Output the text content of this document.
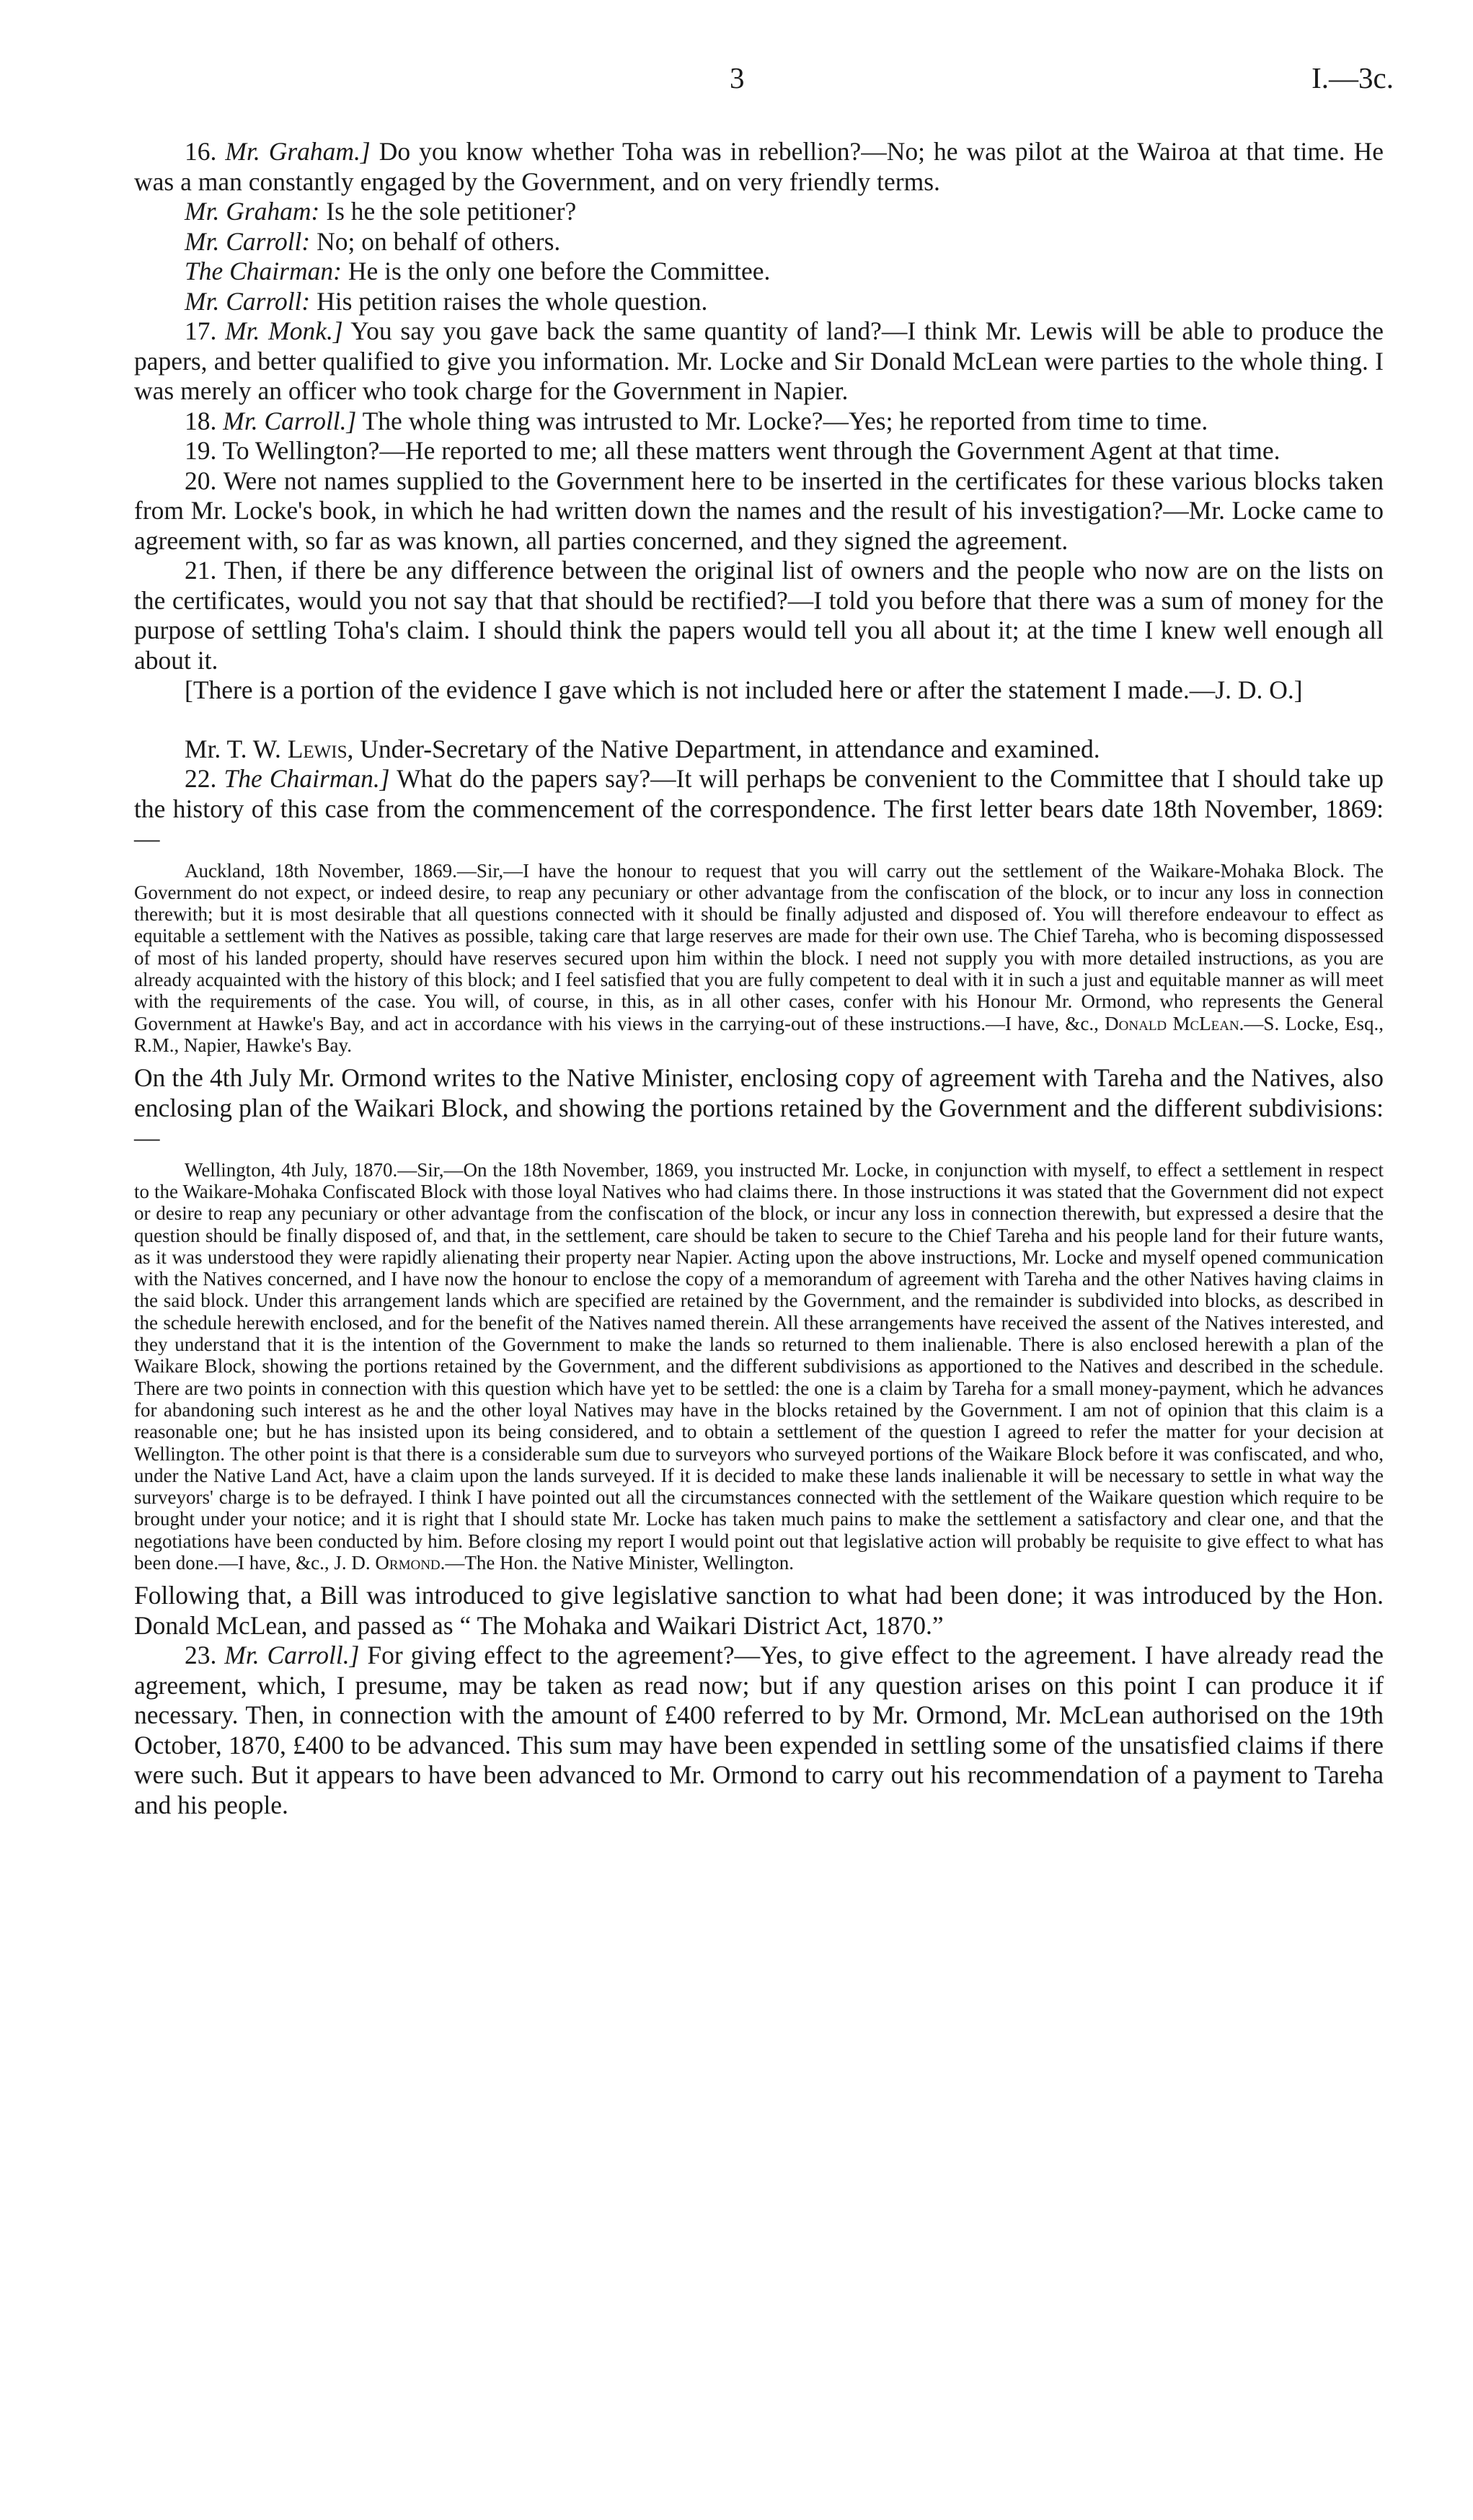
3	I.—3c.

16. Mr. Graham.] Do you know whether Toha was in rebellion?—No; he was pilot at the Wairoa at that time. He was a man constantly engaged by the Government, and on very friendly terms.

Mr. Graham: Is he the sole petitioner?

Mr. Carroll: No; on behalf of others.

The Chairman: He is the only one before the Committee.

Mr. Carroll: His petition raises the whole question.

17. Mr. Monk.] You say you gave back the same quantity of land?—I think Mr. Lewis will be able to produce the papers, and better qualified to give you information. Mr. Locke and Sir Donald McLean were parties to the whole thing. I was merely an officer who took charge for the Government in Napier.

18. Mr. Carroll.] The whole thing was intrusted to Mr. Locke?—Yes; he reported from time to time.

19. To Wellington?—He reported to me; all these matters went through the Government Agent at that time.

20. Were not names supplied to the Government here to be inserted in the certificates for these various blocks taken from Mr. Locke's book, in which he had written down the names and the result of his investigation?—Mr. Locke came to agreement with, so far as was known, all parties concerned, and they signed the agreement.

21. Then, if there be any difference between the original list of owners and the people who now are on the lists on the certificates, would you not say that that should be rectified?—I told you before that there was a sum of money for the purpose of settling Toha's claim. I should think the papers would tell you all about it; at the time I knew well enough all about it.

[There is a portion of the evidence I gave which is not included here or after the statement I made.—J. D. O.]

Mr. T. W. Lewis, Under-Secretary of the Native Department, in attendance and examined.

22. The Chairman.] What do the papers say?—It will perhaps be convenient to the Committee that I should take up the history of this case from the commencement of the correspondence. The first letter bears date 18th November, 1869:—

Auckland, 18th November, 1869.—Sir,—I have the honour to request that you will carry out the settlement of the Waikare-Mohaka Block. The Government do not expect, or indeed desire, to reap any pecuniary or other advantage from the confiscation of the block, or to incur any loss in connection therewith; but it is most desirable that all questions connected with it should be finally adjusted and disposed of. You will therefore endeavour to effect as equitable a settlement with the Natives as possible, taking care that large reserves are made for their own use. The Chief Tareha, who is becoming dispossessed of most of his landed property, should have reserves secured upon him within the block. I need not supply you with more detailed instructions, as you are already acquainted with the history of this block; and I feel satisfied that you are fully competent to deal with it in such a just and equitable manner as will meet with the requirements of the case. You will, of course, in this, as in all other cases, confer with his Honour Mr. Ormond, who represents the General Government at Hawke's Bay, and act in accordance with his views in the carrying-out of these instructions.—I have, &c., Donald McLean.—S. Locke, Esq., R.M., Napier, Hawke's Bay.

On the 4th July Mr. Ormond writes to the Native Minister, enclosing copy of agreement with Tareha and the Natives, also enclosing plan of the Waikari Block, and showing the portions retained by the Government and the different subdivisions:—

Wellington, 4th July, 1870.—Sir,—On the 18th November, 1869, you instructed Mr. Locke, in conjunction with myself, to effect a settlement in respect to the Waikare-Mohaka Confiscated Block with those loyal Natives who had claims there. In those instructions it was stated that the Government did not expect or desire to reap any pecuniary or other advantage from the confiscation of the block, or incur any loss in connection therewith, but expressed a desire that the question should be finally disposed of, and that, in the settlement, care should be taken to secure to the Chief Tareha and his people land for their future wants, as it was understood they were rapidly alienating their property near Napier. Acting upon the above instructions, Mr. Locke and myself opened communication with the Natives concerned, and I have now the honour to enclose the copy of a memorandum of agreement with Tareha and the other Natives having claims in the said block. Under this arrangement lands which are specified are retained by the Government, and the remainder is subdivided into blocks, as described in the schedule herewith enclosed, and for the benefit of the Natives named therein. All these arrangements have received the assent of the Natives interested, and they understand that it is the intention of the Government to make the lands so returned to them inalienable. There is also enclosed herewith a plan of the Waikare Block, showing the portions retained by the Government, and the different subdivisions as apportioned to the Natives and described in the schedule. There are two points in connection with this question which have yet to be settled: the one is a claim by Tareha for a small money-payment, which he advances for abandoning such interest as he and the other loyal Natives may have in the blocks retained by the Government. I am not of opinion that this claim is a reasonable one; but he has insisted upon its being considered, and to obtain a settlement of the question I agreed to refer the matter for your decision at Wellington. The other point is that there is a considerable sum due to surveyors who surveyed portions of the Waikare Block before it was confiscated, and who, under the Native Land Act, have a claim upon the lands surveyed. If it is decided to make these lands inalienable it will be necessary to settle in what way the surveyors' charge is to be defrayed. I think I have pointed out all the circumstances connected with the settlement of the Waikare question which require to be brought under your notice; and it is right that I should state Mr. Locke has taken much pains to make the settlement a satisfactory and clear one, and that the negotiations have been conducted by him. Before closing my report I would point out that legislative action will probably be requisite to give effect to what has been done.—I have, &c., J. D. Ormond.—The Hon. the Native Minister, Wellington.

Following that, a Bill was introduced to give legislative sanction to what had been done; it was introduced by the Hon. Donald McLean, and passed as “ The Mohaka and Waikari District Act, 1870.”

23. Mr. Carroll.] For giving effect to the agreement?—Yes, to give effect to the agreement. I have already read the agreement, which, I presume, may be taken as read now; but if any question arises on this point I can produce it if necessary. Then, in connection with the amount of £400 referred to by Mr. Ormond, Mr. McLean authorised on the 19th October, 1870, £400 to be advanced. This sum may have been expended in settling some of the unsatisfied claims if there were such. But it appears to have been advanced to Mr. Ormond to carry out his recommendation of a payment to Tareha and his people.
